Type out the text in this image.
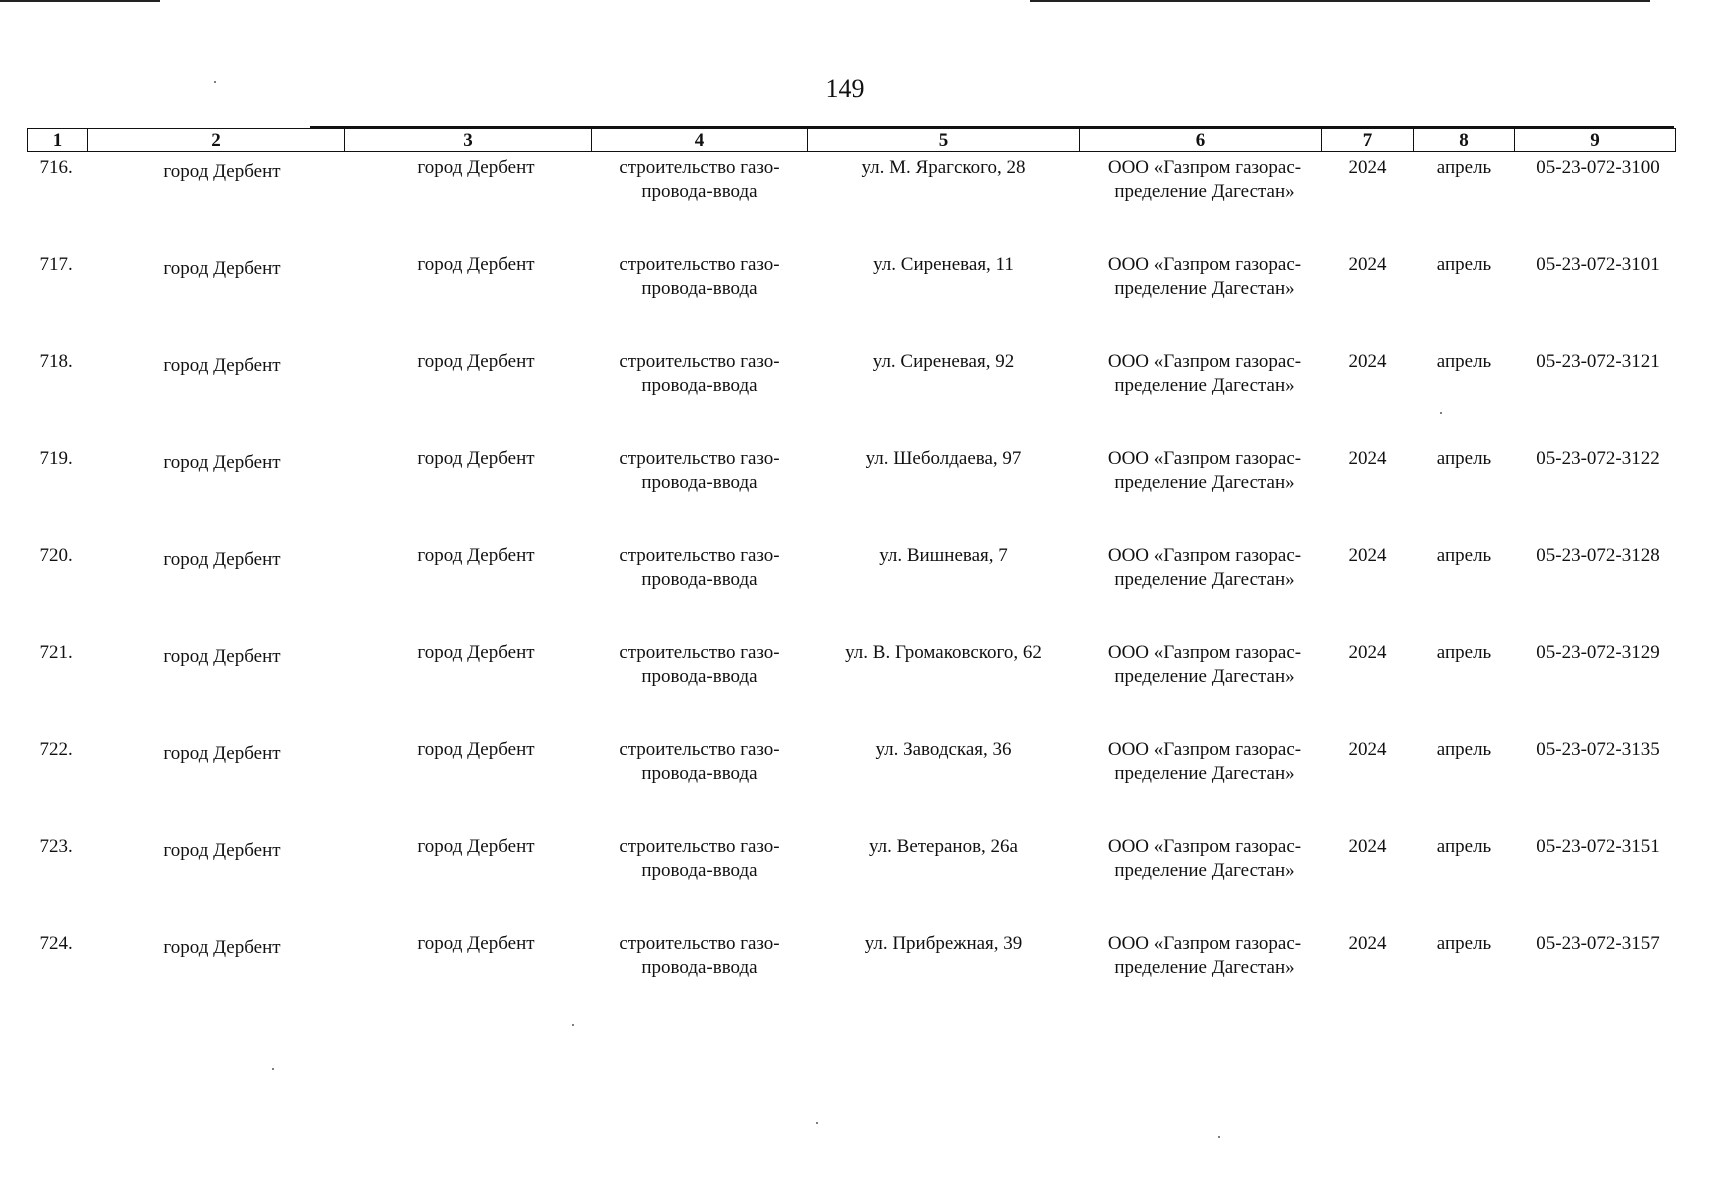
149
1	2	3	4	5	6	7	8	9
716.	город Дербент	город Дербент	строительство газо-провода-ввода	ул. М. Ярагского, 28	ООО «Газпром газорас-пределение Дагестан»	2024	апрель	05-23-072-3100
717.	город Дербент	город Дербент	строительство газо-провода-ввода	ул. Сиреневая, 11	ООО «Газпром газорас-пределение Дагестан»	2024	апрель	05-23-072-3101
718.	город Дербент	город Дербент	строительство газо-провода-ввода	ул. Сиреневая, 92	ООО «Газпром газорас-пределение Дагестан»	2024	апрель	05-23-072-3121
719.	город Дербент	город Дербент	строительство газо-провода-ввода	ул. Шеболдаева, 97	ООО «Газпром газорас-пределение Дагестан»	2024	апрель	05-23-072-3122
720.	город Дербент	город Дербент	строительство газо-провода-ввода	ул. Вишневая, 7	ООО «Газпром газорас-пределение Дагестан»	2024	апрель	05-23-072-3128
721.	город Дербент	город Дербент	строительство газо-провода-ввода	ул. В. Громаковского, 62	ООО «Газпром газорас-пределение Дагестан»	2024	апрель	05-23-072-3129
722.	город Дербент	город Дербент	строительство газо-провода-ввода	ул. Заводская, 36	ООО «Газпром газорас-пределение Дагестан»	2024	апрель	05-23-072-3135
723.	город Дербент	город Дербент	строительство газо-провода-ввода	ул. Ветеранов, 26а	ООО «Газпром газорас-пределение Дагестан»	2024	апрель	05-23-072-3151
724.	город Дербент	город Дербент	строительство газо-провода-ввода	ул. Прибрежная, 39	ООО «Газпром газорас-пределение Дагестан»	2024	апрель	05-23-072-3157
